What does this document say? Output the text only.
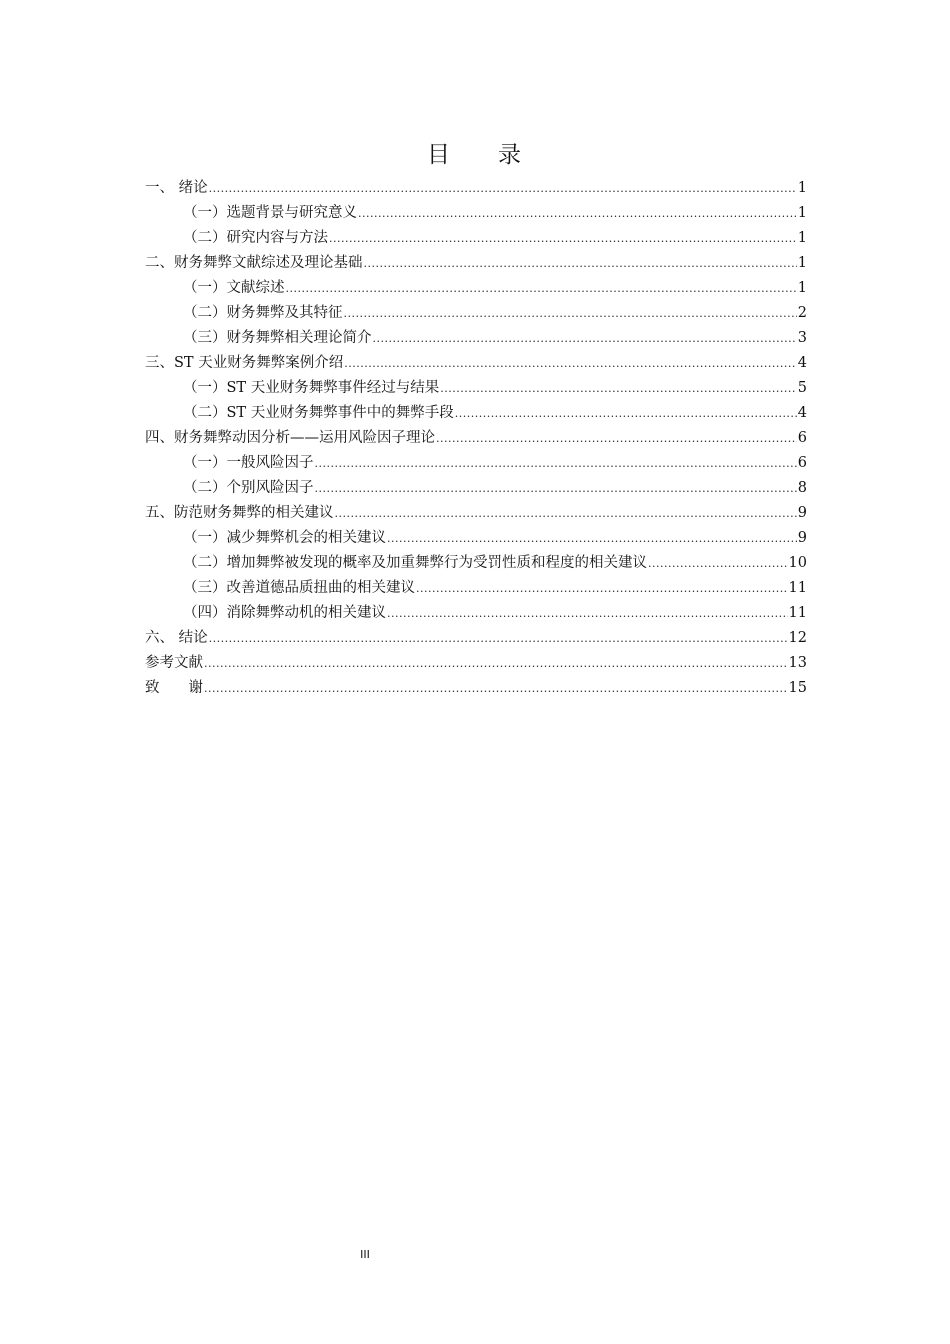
目 录
一、 绪论 .....	1
（一）选题背景与研究意义 .....	1
（二）研究内容与方法 .....	1
二、财务舞弊文献综述及理论基础 .....	1
（一）文献综述 .....	1
（二）财务舞弊及其特征 .....	2
（三）财务舞弊相关理论简介 .....	3
三、ST 天业财务舞弊案例介绍 .....	4
（一）ST 天业财务舞弊事件经过与结果 .....	5
（二）ST 天业财务舞弊事件中的舞弊手段 .....	4
四、财务舞弊动因分析——运用风险因子理论 .....	6
（一）一般风险因子 .....	6
（二）个别风险因子 .....	8
五、防范财务舞弊的相关建议 .....	9
（一）减少舞弊机会的相关建议 .....	9
（二）增加舞弊被发现的概率及加重舞弊行为受罚性质和程度的相关建议 .....	10
（三）改善道德品质扭曲的相关建议 .....	11
（四）消除舞弊动机的相关建议 .....	11
六、 结论 .....	12
参考文献 .....	13
致　　谢 .....	15
III
